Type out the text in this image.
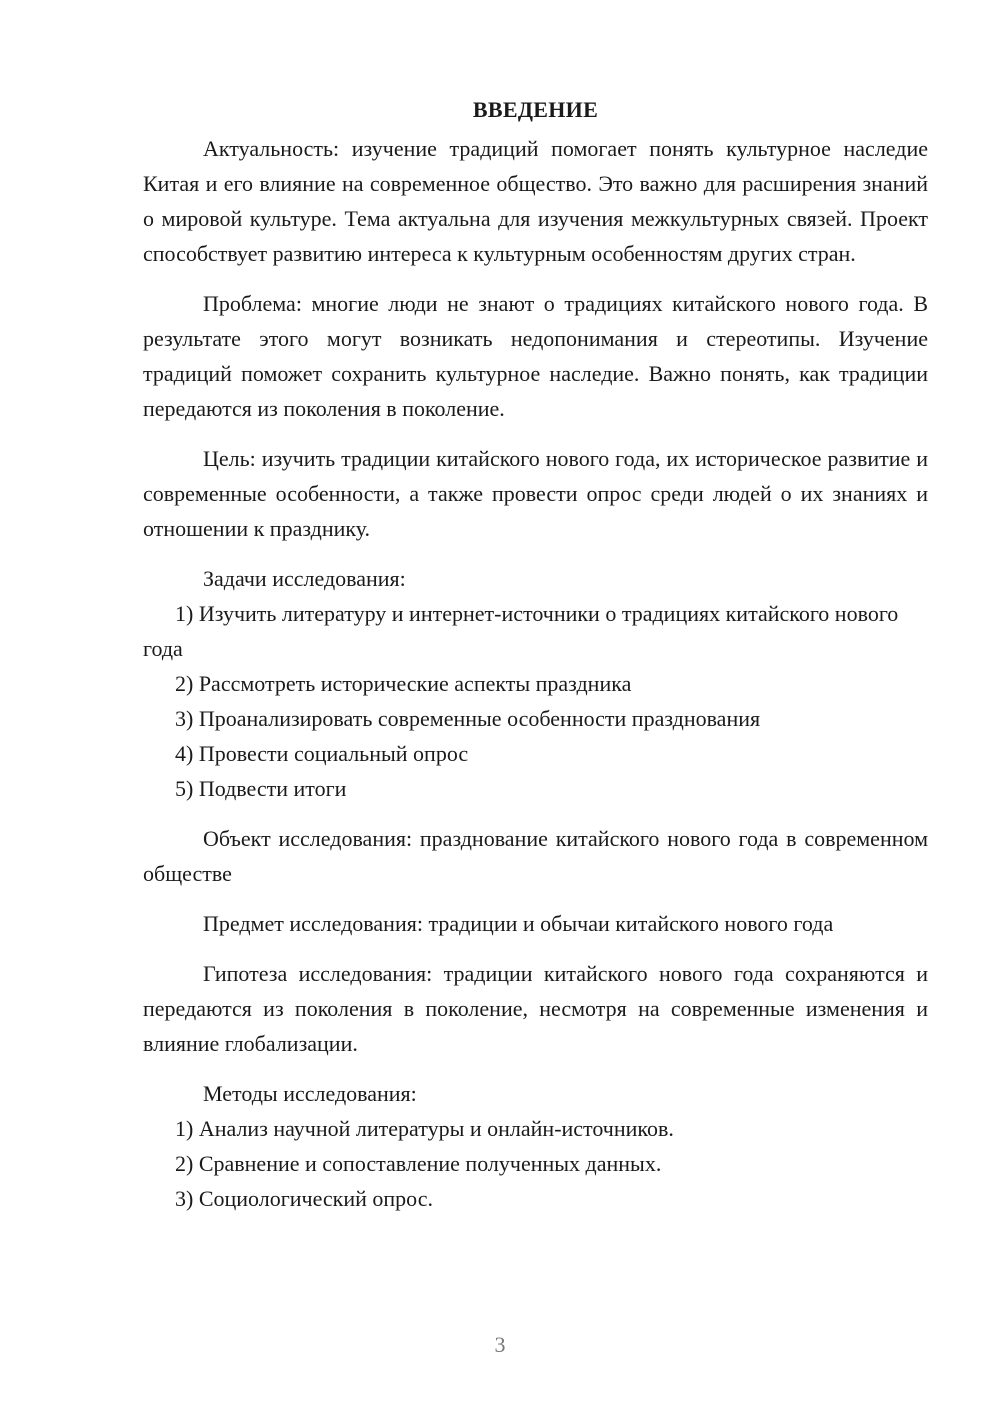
ВВЕДЕНИЕ

Актуальность: изучение традиций помогает понять культурное наследие Китая и его влияние на современное общество. Это важно для расширения знаний о мировой культуре. Тема актуальна для изучения межкультурных связей. Проект способствует развитию интереса к культурным особенностям других стран.

Проблема: многие люди не знают о традициях китайского нового года. В результате этого могут возникать недопонимания и стереотипы. Изучение традиций поможет сохранить культурное наследие. Важно понять, как традиции передаются из поколения в поколение.

Цель: изучить традиции китайского нового года, их историческое развитие и современные особенности, а также провести опрос среди людей о их знаниях и отношении к празднику.

Задачи исследования:

1) Изучить литературу и интернет-источники о традициях китайского нового года

2) Рассмотреть исторические аспекты праздника

3) Проанализировать современные особенности празднования

4) Провести социальный опрос

5) Подвести итоги

Объект исследования: празднование китайского нового года в современном обществе

Предмет исследования: традиции и обычаи китайского нового года

Гипотеза исследования: традиции китайского нового года сохраняются и передаются из поколения в поколение, несмотря на современные изменения и влияние глобализации.

Методы исследования:

1) Анализ научной литературы и онлайн-источников.

2) Сравнение и сопоставление полученных данных.

3) Социологический опрос.

3
